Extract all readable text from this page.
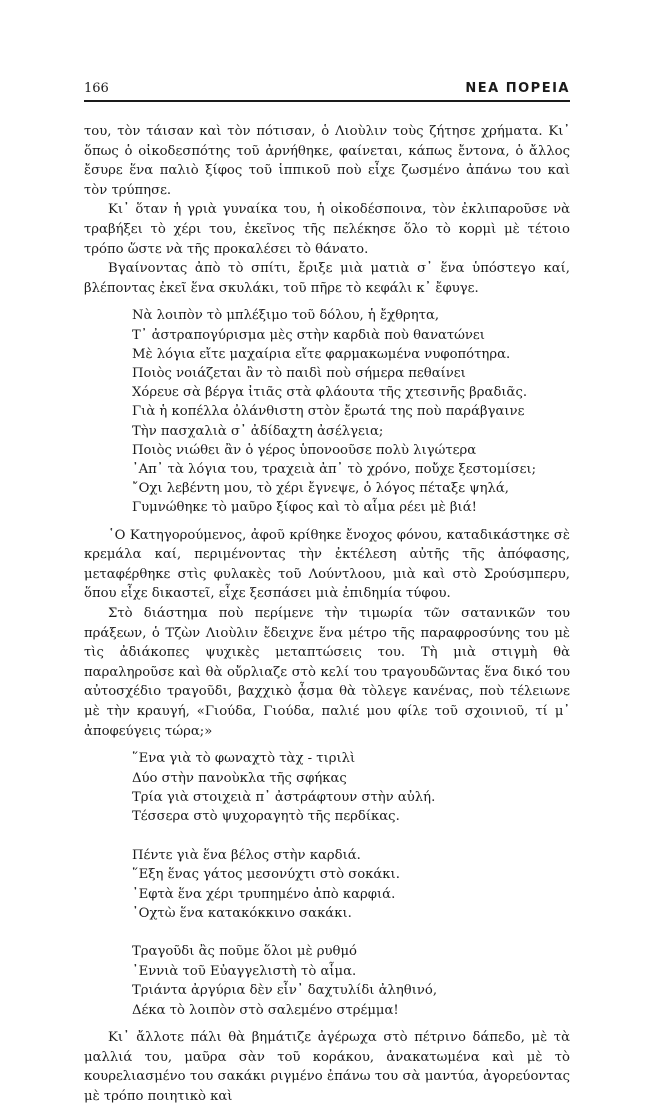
166	ΝΕΑ ΠΟΡΕΙΑ

του, τὸν τάισαν καὶ τὸν πότισαν, ὁ Λιοὺλιν τοὺς ζήτησε χρήματα. Κι᾿ ὅπως ὁ οἰκοδεσπότης τοῦ ἀρνήθηκε, φαίνεται, κάπως ἔντονα, ὁ ἄλλος ἔσυρε ἕνα παλιὸ ξίφος τοῦ ἱππικοῦ ποὺ εἶχε ζωσμένο ἀπάνω του καὶ τὸν τρύπησε.

Κι᾿ ὅταν ἡ γριὰ γυναίκα του, ἡ οἰκοδέσποινα, τὸν ἐκλιπαροῦσε νὰ τραβήξει τὸ χέρι του, ἐκεῖνος τῆς πελέκησε ὅλο τὸ κορμὶ μὲ τέτοιο τρόπο ὥστε νὰ τῆς προκαλέσει τὸ θάνατο.

Βγαίνοντας ἀπὸ τὸ σπίτι, ἔριξε μιὰ ματιὰ σ᾿ ἕνα ὑπόστεγο καί, βλέποντας ἐκεῖ ἕνα σκυλάκι, τοῦ πῆρε τὸ κεφάλι κ᾿ ἔφυγε.

Νὰ λοιπὸν τὸ μπλέξιμο τοῦ δόλου, ἡ ἔχθρητα,
Τ᾿ ἀστραπογύρισμα μὲς στὴν καρδιὰ ποὺ θανατώνει
Μὲ λόγια εἴτε μαχαίρια εἴτε φαρμακωμένα νυφοπότηρα.
Ποιὸς νοιάζεται ἂν τὸ παιδὶ ποὺ σήμερα πεθαίνει
Χόρευε σὰ βέργα ἰτιᾶς στὰ φλάουτα τῆς χτεσινῆς βραδιᾶς.
Γιὰ ἡ κοπέλλα ὀλάνθιστη στὸν ἔρωτά της ποὺ παράβγαινε
Τὴν πασχαλιὰ σ᾿ ἀδίδαχτη ἀσέλγεια;
Ποιὸς νιώθει ἂν ὁ γέρος ὑπονοοῦσε πολὺ λιγώτερα
᾿Απ᾿ τὰ λόγια του, τραχειὰ ἀπ᾿ τὸ χρόνο, ποὔχε ξεστομίσει;
῎Οχι λεβέντη μου, τὸ χέρι ἔγνεψε, ὁ λόγος πέταξε ψηλά,
Γυμνώθηκε τὸ μαῦρο ξίφος καὶ τὸ αἷμα ρέει μὲ βιά!

῾Ο Κατηγορούμενος, ἀφοῦ κρίθηκε ἔνοχος φόνου, καταδικάστηκε σὲ κρεμάλα καί, περιμένοντας τὴν ἐκτέλεση αὐτῆς τῆς ἀπόφασης, μεταφέρθηκε στὶς φυλακὲς τοῦ Λούντλοου, μιὰ καὶ στὸ Σρούσμπερυ, ὅπου εἶχε δικαστεῖ, εἶχε ξεσπάσει μιὰ ἐπιδημία τύφου.

Στὸ διάστημα ποὺ περίμενε τὴν τιμωρία τῶν σατανικῶν του πράξεων, ὁ Τζὼν Λιοὺλιν ἔδειχνε ἕνα μέτρο τῆς παραφροσύνης του μὲ τὶς ἀδιάκοπες ψυχικὲς μεταπτώσεις του. Τὴ μιὰ στιγμὴ θὰ παραληροῦσε καὶ θὰ οὔρλιαζε στὸ κελί του τραγουδῶντας ἕνα δικό του αὐτοσχέδιο τραγοῦδι, βαχχικὸ ᾆσμα θὰ τὸλεγε κανένας, ποὺ τέλειωνε μὲ τὴν κραυγή, «Γιούδα, Γιούδα, παλιέ μου φίλε τοῦ σχοινιοῦ, τί μ᾿ ἀποφεύγεις τώρα;»

῞Ενα γιὰ τὸ φωναχτὸ τὰχ - τιριλὶ
Δύο στὴν πανοὺκλα τῆς σφήκας
Τρία γιὰ στοιχειὰ π᾿ ἀστράφτουν στὴν αὐλή.
Τέσσερα στὸ ψυχοραγητὸ τῆς περδίκας.
Πέντε γιὰ ἕνα βέλος στὴν καρδιά.
῞Εξη ἕνας γάτος μεσονύχτι στὸ σοκάκι.
᾿Εφτὰ ἕνα χέρι τρυπημένο ἀπὸ καρφιά.
᾿Οχτὼ ἕνα κατακόκκινο σακάκι.
Τραγοῦδι ἂς ποῦμε ὅλοι μὲ ρυθμό
᾿Εννιὰ τοῦ Εὐαγγελιστὴ τὸ αἷμα.
Τριάντα ἀργύρια δὲν εἶν᾿ δαχτυλίδι ἀληθινό,
Δέκα τὸ λοιπὸν στὸ σαλεμένο στρέμμα!

Κι᾿ ἄλλοτε πάλι θὰ βημάτιζε ἀγέρωχα στὸ πέτρινο δάπεδο, μὲ τὰ μαλλιά του, μαῦρα σὰν τοῦ κοράκου, ἀνακατωμένα καὶ μὲ τὸ κουρελιασμένο του σακάκι ριγμένο ἐπάνω του σὰ μαντύα, ἀγορεύοντας μὲ τρόπο ποιητικὸ καὶ
